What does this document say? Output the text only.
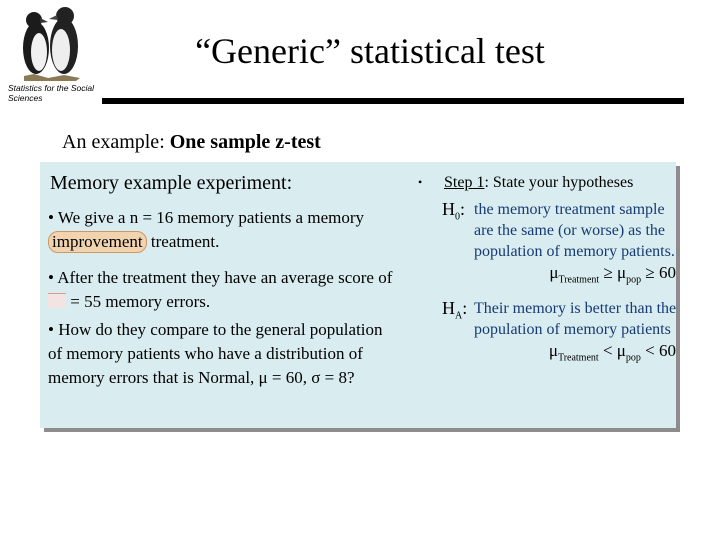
Statistics for the Social Sciences
“Generic” statistical test
An example: One sample z-test
Memory example experiment:

• We give a n = 16 memory patients a memory improvement treatment.

• After the treatment they have an average score of  = 55 memory errors.

• How do they compare to the general population of memory patients who have a distribution of memory errors that is Normal, μ = 60, σ = 8?

• Step 1: State your hypotheses
$H_0$: the memory treatment sample are the same (or worse) as the population of memory patients.
$\mu_{Treatment} \ge \mu_{pop} \ge 60$
$H_A$: Their memory is better than the population of memory patients
$\mu_{Treatment} < \mu_{pop} < 60$
